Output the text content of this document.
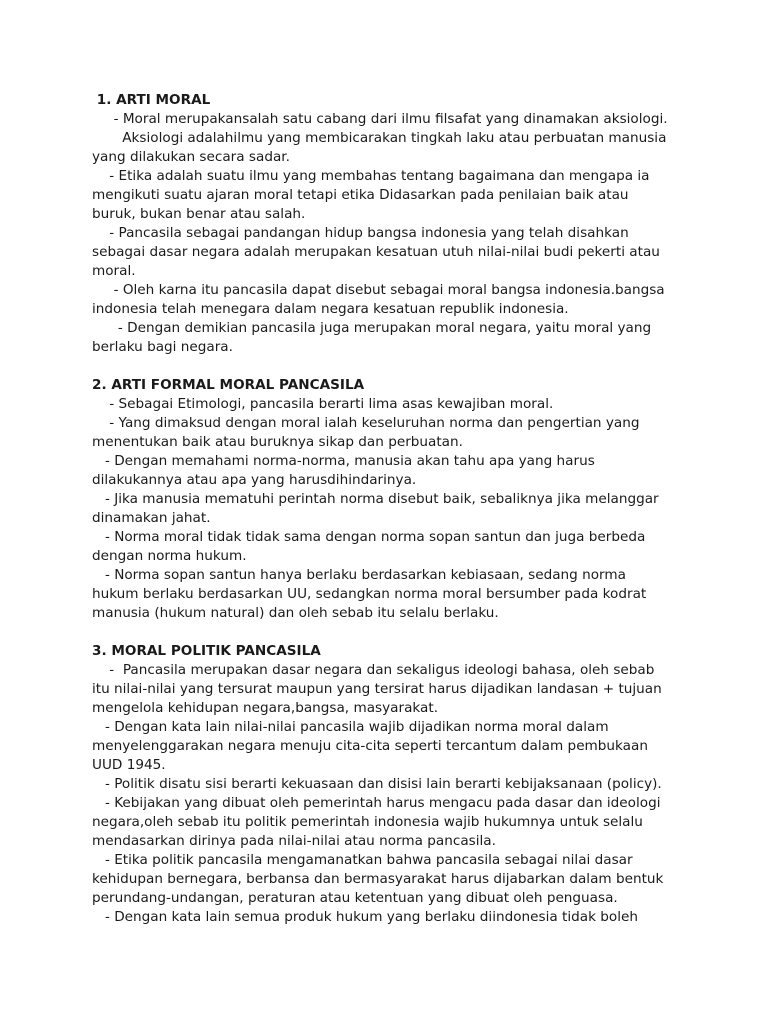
1. ARTI MORAL
- Moral merupakansalah satu cabang dari ilmu filsafat yang dinamakan aksiologi.
Aksiologi adalahilmu yang membicarakan tingkah laku atau perbuatan manusia
yang dilakukan secara sadar.
- Etika adalah suatu ilmu yang membahas tentang bagaimana dan mengapa ia
mengikuti suatu ajaran moral tetapi etika Didasarkan pada penilaian baik atau
buruk, bukan benar atau salah.
- Pancasila sebagai pandangan hidup bangsa indonesia yang telah disahkan
sebagai dasar negara adalah merupakan kesatuan utuh nilai-nilai budi pekerti atau
moral.
- Oleh karna itu pancasila dapat disebut sebagai moral bangsa indonesia.bangsa
indonesia telah menegara dalam negara kesatuan republik indonesia.
- Dengan demikian pancasila juga merupakan moral negara, yaitu moral yang
berlaku bagi negara.
2. ARTI FORMAL MORAL PANCASILA
- Sebagai Etimologi, pancasila berarti lima asas kewajiban moral.
- Yang dimaksud dengan moral ialah keseluruhan norma dan pengertian yang
menentukan baik atau buruknya sikap dan perbuatan.
- Dengan memahami norma-norma, manusia akan tahu apa yang harus
dilakukannya atau apa yang harusdihindarinya.
- Jika manusia mematuhi perintah norma disebut baik, sebaliknya jika melanggar
dinamakan jahat.
- Norma moral tidak tidak sama dengan norma sopan santun dan juga berbeda
dengan norma hukum.
- Norma sopan santun hanya berlaku berdasarkan kebiasaan, sedang norma
hukum berlaku berdasarkan UU, sedangkan norma moral bersumber pada kodrat
manusia (hukum natural) dan oleh sebab itu selalu berlaku.
3. MORAL POLITIK PANCASILA
-  Pancasila merupakan dasar negara dan sekaligus ideologi bahasa, oleh sebab
itu nilai-nilai yang tersurat maupun yang tersirat harus dijadikan landasan + tujuan
mengelola kehidupan negara,bangsa, masyarakat.
- Dengan kata lain nilai-nilai pancasila wajib dijadikan norma moral dalam
menyelenggarakan negara menuju cita-cita seperti tercantum dalam pembukaan
UUD 1945.
- Politik disatu sisi berarti kekuasaan dan disisi lain berarti kebijaksanaan (policy).
- Kebijakan yang dibuat oleh pemerintah harus mengacu pada dasar dan ideologi
negara,oleh sebab itu politik pemerintah indonesia wajib hukumnya untuk selalu
mendasarkan dirinya pada nilai-nilai atau norma pancasila.
- Etika politik pancasila mengamanatkan bahwa pancasila sebagai nilai dasar
kehidupan bernegara, berbansa dan bermasyarakat harus dijabarkan dalam bentuk
perundang-undangan, peraturan atau ketentuan yang dibuat oleh penguasa.
- Dengan kata lain semua produk hukum yang berlaku diindonesia tidak boleh
